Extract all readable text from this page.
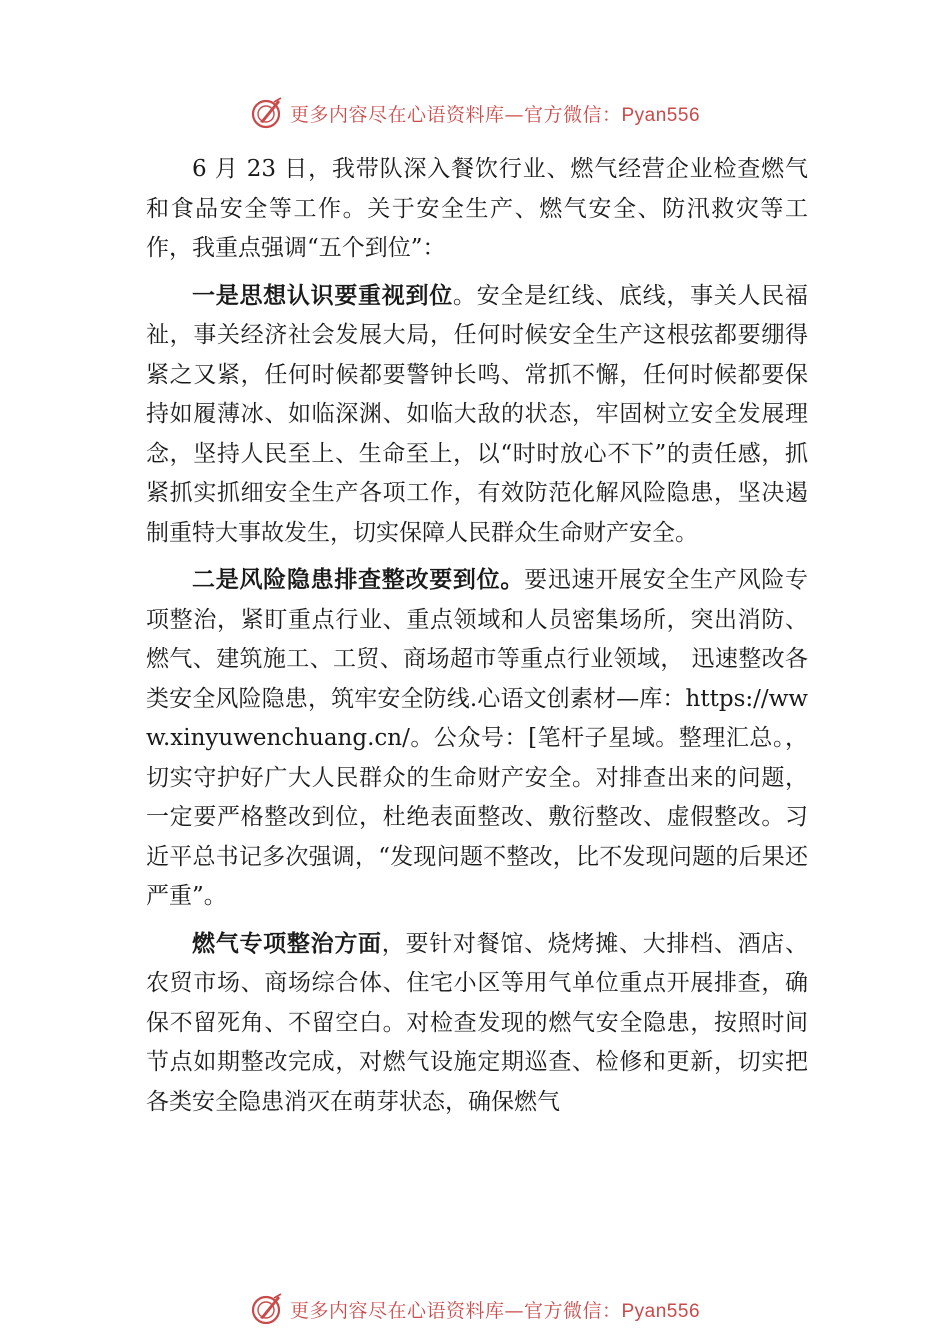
更多内容尽在心语资料库—官方微信：Pyan556

6 月 23 日，我带队深入餐饮行业、燃气经营企业检查燃气和食品安全等工作。关于安全生产、燃气安全、防汛救灾等工作，我重点强调“五个到位”：

一是思想认识要重视到位。安全是红线、底线，事关人民福祉，事关经济社会发展大局，任何时候安全生产这根弦都要绷得紧之又紧，任何时候都要警钟长鸣、常抓不懈，任何时候都要保持如履薄冰、如临深渊、如临大敌的状态，牢固树立安全发展理念，坚持人民至上、生命至上，以“时时放心不下”的责任感，抓紧抓实抓细安全生产各项工作，有效防范化解风险隐患，坚决遏制重特大事故发生，切实保障人民群众生命财产安全。

二是风险隐患排查整改要到位。要迅速开展安全生产风险专项整治，紧盯重点行业、重点领域和人员密集场所，突出消防、燃气、建筑施工、工贸、商场超市等重点行业领域， 迅速整改各类安全风险隐患，筑牢安全防线.心语文创素材—库：https://www.xinyuwenchuang.cn/。公众号：[笔杆子星域。整理汇总。，切实守护好广大人民群众的生命财产安全。对排查出来的问题，一定要严格整改到位，杜绝表面整改、敷衍整改、虚假整改。习近平总书记多次强调，“发现问题不整改，比不发现问题的后果还严重”。

燃气专项整治方面，要针对餐馆、烧烤摊、大排档、酒店、农贸市场、商场综合体、住宅小区等用气单位重点开展排查，确保不留死角、不留空白。对检查发现的燃气安全隐患，按照时间节点如期整改完成，对燃气设施定期巡查、检修和更新，切实把各类安全隐患消灭在萌芽状态，确保燃气

更多内容尽在心语资料库—官方微信：Pyan556
